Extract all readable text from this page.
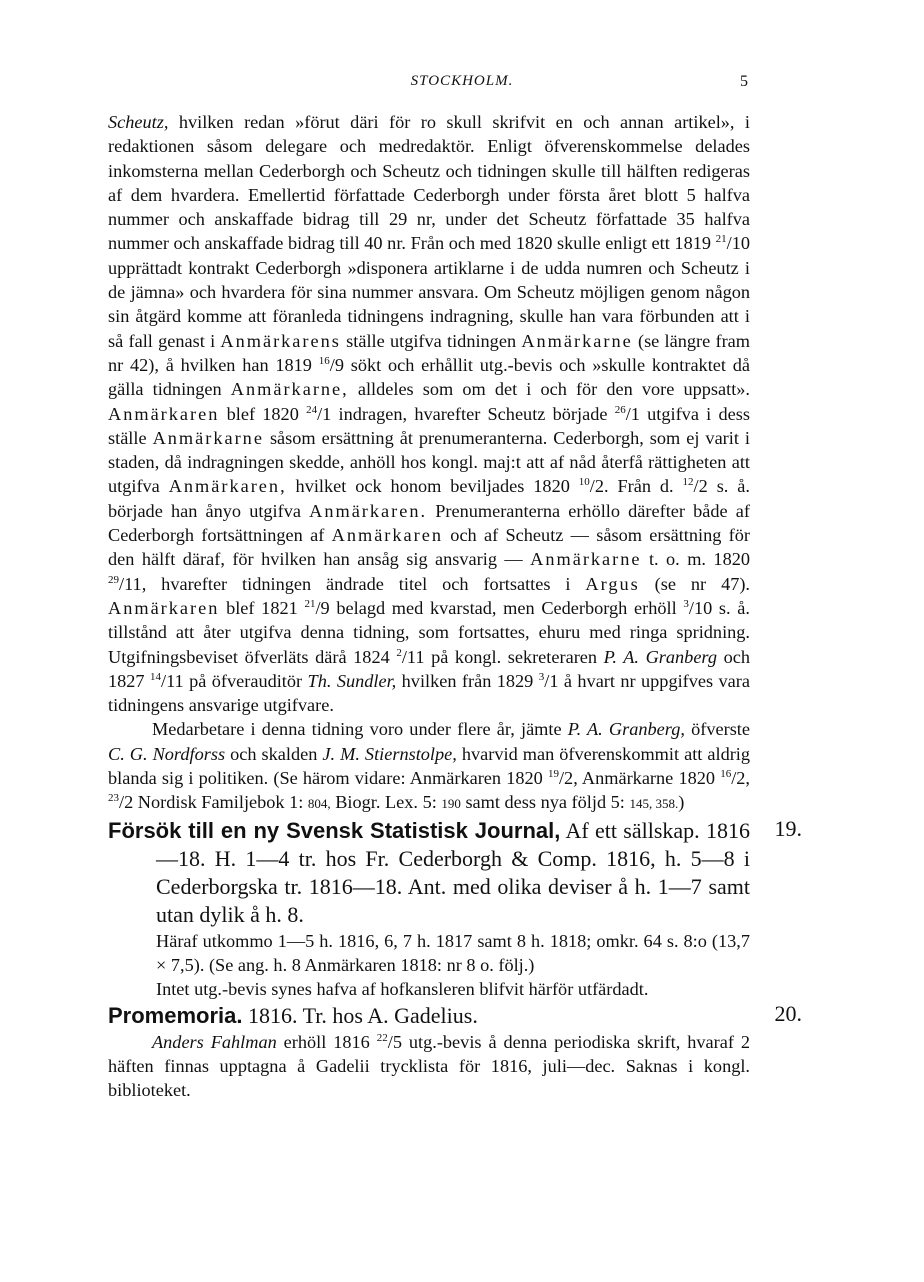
STOCKHOLM.	5

Scheutz, hvilken redan »förut däri för ro skull skrifvit en och annan artikel», i redaktionen såsom delegare och medredaktör. Enligt öfverenskommelse delades inkomsterna mellan Cederborgh och Scheutz och tidningen skulle till hälften redigeras af dem hvardera. Emellertid författade Cederborgh under första året blott 5 halfva nummer och anskaffade bidrag till 29 nr, under det Scheutz författade 35 halfva nummer och anskaffade bidrag till 40 nr. Från och med 1820 skulle enligt ett 1819 $^{21}$/10 upprättadt kontrakt Cederborgh »disponera artiklarne i de udda numren och Scheutz i de jämna» och hvardera för sina nummer ansvara. Om Scheutz möjligen genom någon sin åtgärd komme att föranleda tidningens indragning, skulle han vara förbunden att i så fall genast i Anmärkarens ställe utgifva tidningen Anmärkarne (se längre fram nr 42), å hvilken han 1819 $^{16}$/9 sökt och erhållit utg.-bevis och »skulle kontraktet då gälla tidningen Anmärkarne, alldeles som om det i och för den vore uppsatt». Anmärkaren blef 1820 $^{24}$/1 indragen, hvarefter Scheutz började $^{26}$/1 utgifva i dess ställe Anmärkarne såsom ersättning åt prenumeranterna. Cederborgh, som ej varit i staden, då indragningen skedde, anhöll hos kongl. maj:t att af nåd återfå rättigheten att utgifva Anmärkaren, hvilket ock honom beviljades 1820 $^{10}$/2. Från d. $^{12}$/2 s. å. började han ånyo utgifva Anmärkaren. Prenumeranterna erhöllo därefter både af Cederborgh fortsättningen af Anmärkaren och af Scheutz — såsom ersättning för den hälft däraf, för hvilken han ansåg sig ansvarig — Anmärkarne t. o. m. 1820 $^{29}$/11, hvarefter tidningen ändrade titel och fortsattes i Argus (se nr 47). Anmärkaren blef 1821 $^{21}$/9 belagd med kvarstad, men Cederborgh erhöll $^3$/10 s. å. tillstånd att åter utgifva denna tidning, som fortsattes, ehuru med ringa spridning. Utgifningsbeviset öfverläts därå 1824 $^2$/11 på kongl. sekreteraren P. A. Granberg och 1827 $^{14}$/11 på öfverauditör Th. Sundler, hvilken från 1829 $^3$/1 å hvart nr uppgifves vara tidningens ansvarige utgifvare.

Medarbetare i denna tidning voro under flere år, jämte P. A. Granberg, öfverste C. G. Nordforss och skalden J. M. Stiernstolpe, hvarvid man öfverenskommit att aldrig blanda sig i politiken. (Se härom vidare: Anmärkaren 1820 $^{19}$/2, Anmärkarne 1820 $^{16}$/2, $^{23}$/2 Nordisk Familjebok 1: 804, Biogr. Lex. 5: 190 samt dess nya följd 5: 145, 358.)

19.

Försök till en ny Svensk Statistisk Journal, Af ett sällskap. 1816—18. H. 1—4 tr. hos Fr. Cederborgh & Comp. 1816, h. 5—8 i Cederborgska tr. 1816—18. Ant. med olika deviser å h. 1—7 samt utan dylik å h. 8.

Häraf utkommo 1—5 h. 1816, 6, 7 h. 1817 samt 8 h. 1818; omkr. 64 s. 8:o (13,7 × 7,5). (Se ang. h. 8 Anmärkaren 1818: nr 8 o. följ.)

Intet utg.-bevis synes hafva af hofkansleren blifvit härför utfärdadt.

20.

Promemoria. 1816. Tr. hos A. Gadelius.

Anders Fahlman erhöll 1816 $^{22}$/5 utg.-bevis å denna periodiska skrift, hvaraf 2 häften finnas upptagna å Gadelii trycklista för 1816, juli—dec. Saknas i kongl. biblioteket.
